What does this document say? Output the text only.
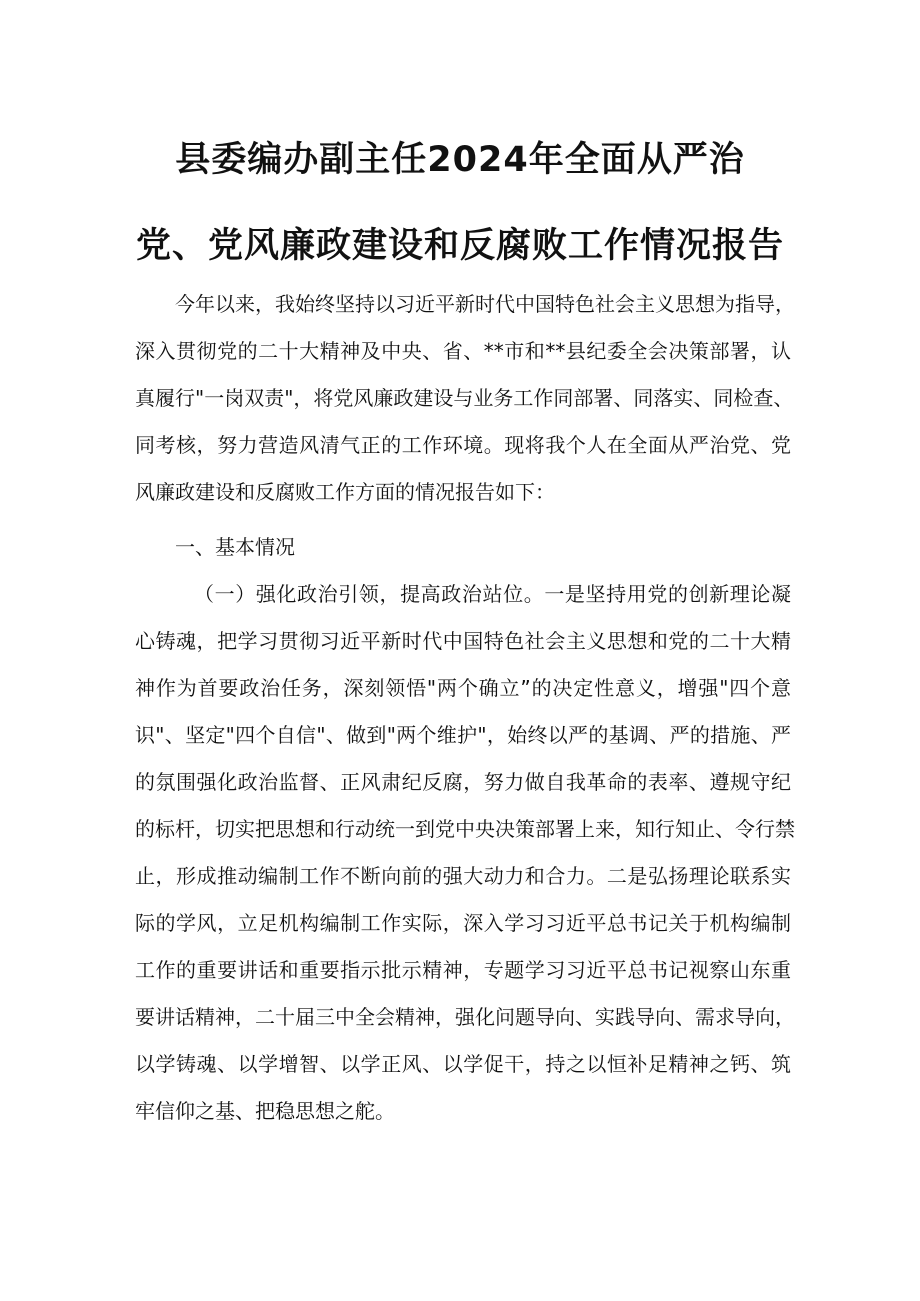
县委编办副主任2024年全面从严治
党、党风廉政建设和反腐败工作情况报告

今年以来，我始终坚持以习近平新时代中国特色社会主义思想为指导，

深入贯彻党的二十大精神及中央、省、**市和**县纪委全会决策部署，认

真履行"一岗双责"，将党风廉政建设与业务工作同部署、同落实、同检查、

同考核，努力营造风清气正的工作环境。现将我个人在全面从严治党、党

风廉政建设和反腐败工作方面的情况报告如下：

一、基本情况

（一）强化政治引领，提高政治站位。一是坚持用党的创新理论凝

心铸魂，把学习贯彻习近平新时代中国特色社会主义思想和党的二十大精

神作为首要政治任务，深刻领悟"两个确立”的决定性意义，增强"四个意

识"、坚定"四个自信"、做到"两个维护"，始终以严的基调、严的措施、严

的氛围强化政治监督、正风肃纪反腐，努力做自我革命的表率、遵规守纪

的标杆，切实把思想和行动统一到党中央决策部署上来，知行知止、令行禁

止，形成推动编制工作不断向前的强大动力和合力。二是弘扬理论联系实

际的学风，立足机构编制工作实际，深入学习习近平总书记关于机构编制

工作的重要讲话和重要指示批示精神，专题学习习近平总书记视察山东重

要讲话精神，二十届三中全会精神，强化问题导向、实践导向、需求导向，

以学铸魂、以学增智、以学正风、以学促干，持之以恒补足精神之钙、筑

牢信仰之基、把稳思想之舵。
